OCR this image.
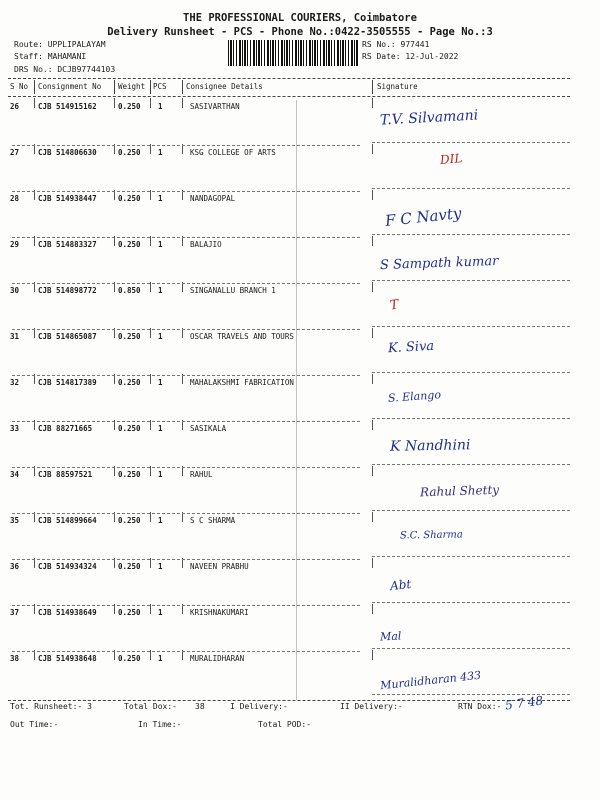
THE PROFESSIONAL COURIERS, Coimbatore
Delivery Runsheet - PCS - Phone No.:0422-3505555 - Page No.:3
Route: UPPLIPALAYAM
Staff: MAHAMANI
DRS No.: DCJB97744103
RS No.: 977441
RS Date: 12-Jul-2022
S No Consignment No Weight PCS	Consignee Details	Signature
26	CJB 514915162	0.250 1	SASIVARTHAN
T.V. Silvamani
27	CJB 514806630	0.250 1	KSG COLLEGE OF ARTS	DIL
28	CJB 514938447	0.250 1	NANDAGOPAL
F C Navty
29	CJB 514883327	0.250 1	BALAJIO
S Sampath kumar
30	CJB 514898772	0.850 1	SINGANALLU BRANCH 1
T
31	CJB 514865087	0.250 1	OSCAR TRAVELS AND TOURS
K. Siva
32	CJB 514817389	0.250 1	MAHALAKSHMI FABRICATION
S. Elango
33	CJB 88271665	0.250 1	SASIKALA
K Nandhini
34	CJB 88597521	0.250 1	RAHUL
Rahul Shetty
35	CJB 514899664	0.250 1	S C SHARMA
S.C. Sharma
36	CJB 514934324	0.250 1	NAVEEN PRABHU
Abt
37	CJB 514938649	0.250 1	KRISHNAKUMARI
Mal
38	CJB 514938648	0.250 1	MURALIDHARAN
Muralidharan 433
Tot. Runsheet:- 3	Total Dox:- 38	I Delivery:-	II Delivery:-	RTN Dox:- 5 7 48
Out Time:-	In Time:-	Total POD:-
